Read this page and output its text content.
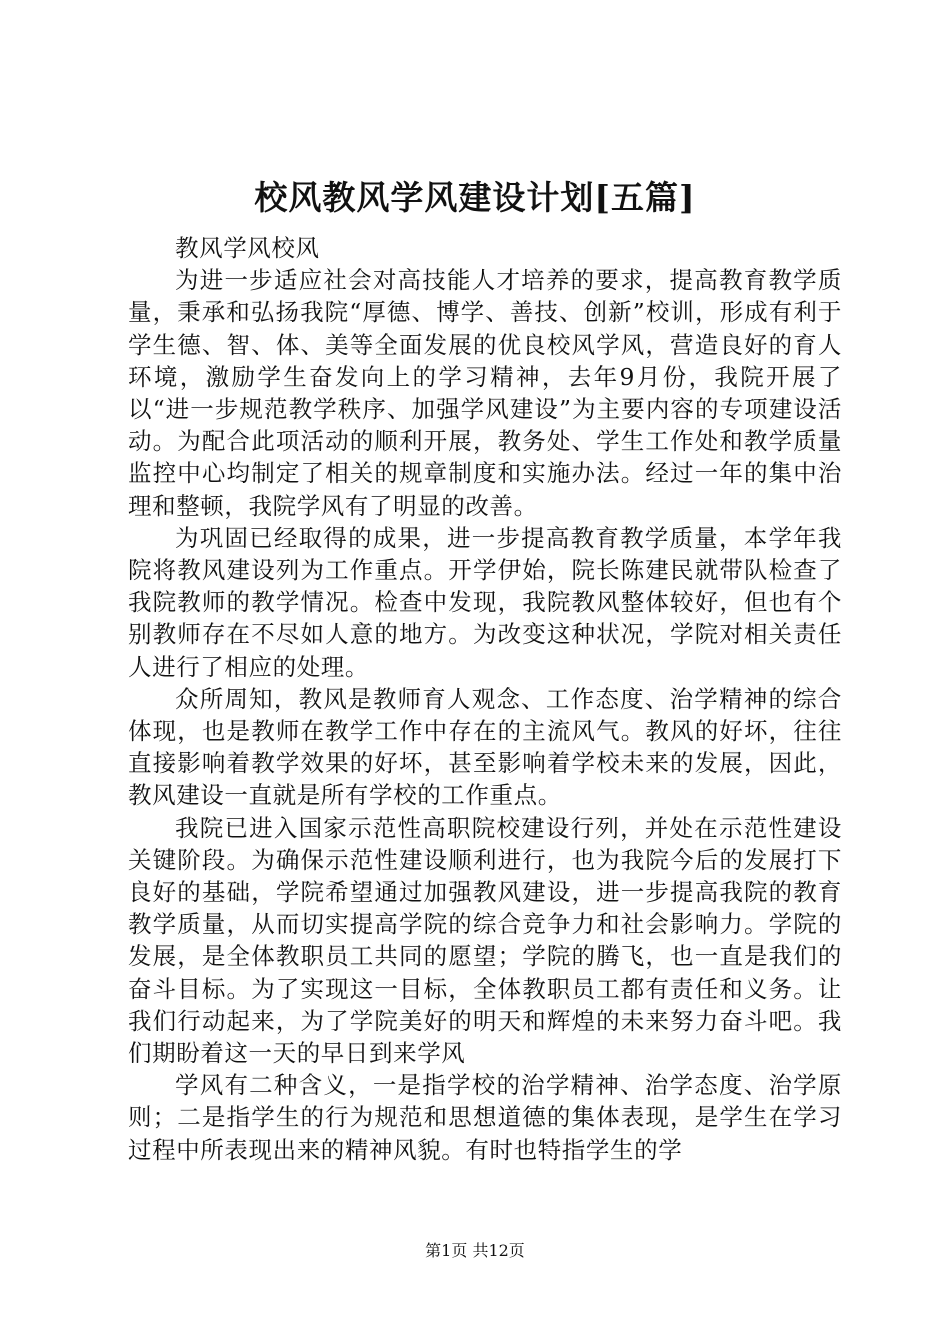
校风教风学风建设计划[五篇]

教风学风校风

为进一步适应社会对高技能人才培养的要求，提高教育教学质量，秉承和弘扬我院“厚德、博学、善技、创新”校训，形成有利于学生德、智、体、美等全面发展的优良校风学风，营造良好的育人环境，激励学生奋发向上的学习精神，去年9月份，我院开展了以“进一步规范教学秩序、加强学风建设”为主要内容的专项建设活动。为配合此项活动的顺利开展，教务处、学生工作处和教学质量监控中心均制定了相关的规章制度和实施办法。经过一年的集中治理和整顿，我院学风有了明显的改善。

为巩固已经取得的成果，进一步提高教育教学质量，本学年我院将教风建设列为工作重点。开学伊始，院长陈建民就带队检查了我院教师的教学情况。检查中发现，我院教风整体较好，但也有个别教师存在不尽如人意的地方。为改变这种状况，学院对相关责任人进行了相应的处理。

众所周知，教风是教师育人观念、工作态度、治学精神的综合体现，也是教师在教学工作中存在的主流风气。教风的好坏，往往直接影响着教学效果的好坏，甚至影响着学校未来的发展，因此，教风建设一直就是所有学校的工作重点。

我院已进入国家示范性高职院校建设行列，并处在示范性建设关键阶段。为确保示范性建设顺利进行，也为我院今后的发展打下良好的基础，学院希望通过加强教风建设，进一步提高我院的教育教学质量，从而切实提高学院的综合竞争力和社会影响力。学院的发展，是全体教职员工共同的愿望；学院的腾飞，也一直是我们的奋斗目标。为了实现这一目标，全体教职员工都有责任和义务。让我们行动起来，为了学院美好的明天和辉煌的未来努力奋斗吧。我们期盼着这一天的早日到来学风

学风有二种含义，一是指学校的治学精神、治学态度、治学原则；二是指学生的行为规范和思想道德的集体表现，是学生在学习过程中所表现出来的精神风貌。有时也特指学生的学

第1页 共12页
